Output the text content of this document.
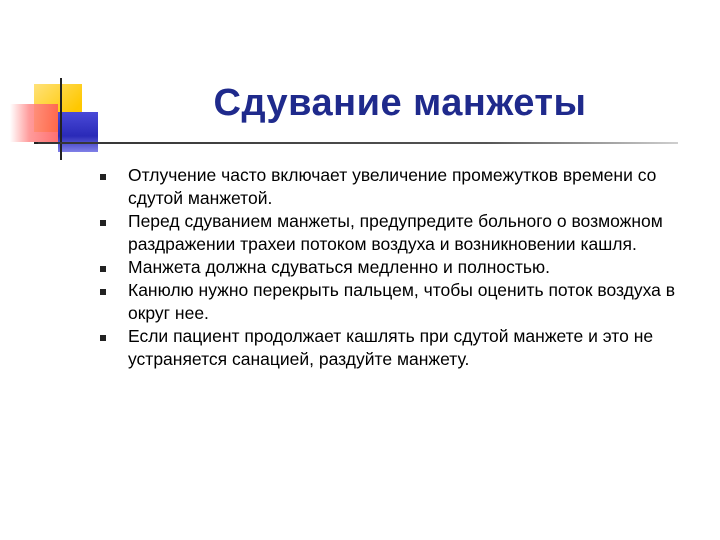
Сдувание манжеты
Отлучение часто включает увеличение промежутков времени со сдутой манжетой.
Перед сдуванием манжеты, предупредите больного о возможном раздражении трахеи потоком воздуха и возникновении кашля.
Манжета должна сдуваться медленно и полностью.
Канюлю нужно перекрыть пальцем, чтобы оценить поток воздуха в округ нее.
Если пациент продолжает кашлять при сдутой манжете и это не устраняется санацией, раздуйте манжету.
